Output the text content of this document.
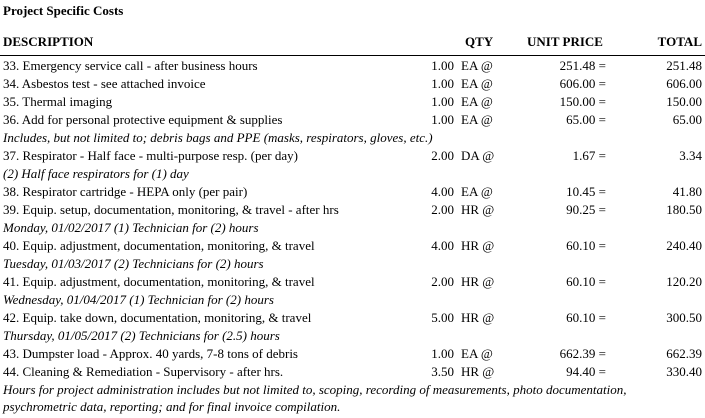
Project Specific Costs
DESCRIPTION	QTY	UNIT PRICE	TOTAL
33. Emergency service call - after business hours	1.00 EA @	251.48 =	251.48
34. Asbestos test - see attached invoice	1.00 EA @	606.00 =	606.00
35. Thermal imaging	1.00 EA @	150.00 =	150.00
36. Add for personal protective equipment & supplies	1.00 EA @	65.00 =	65.00
Includes, but not limited to; debris bags and PPE (masks, respirators, gloves, etc.)
37. Respirator - Half face - multi-purpose resp. (per day)	2.00 DA @	1.67 =	3.34
(2) Half face respirators for (1) day
38. Respirator cartridge - HEPA only (per pair)	4.00 EA @	10.45 =	41.80
39. Equip. setup, documentation, monitoring, & travel - after hrs	2.00 HR @	90.25 =	180.50
Monday, 01/02/2017 (1) Technician for (2) hours
40. Equip. adjustment, documentation, monitoring, & travel	4.00 HR @	60.10 =	240.40
Tuesday, 01/03/2017 (2) Technicians for (2) hours
41. Equip. adjustment, documentation, monitoring, & travel	2.00 HR @	60.10 =	120.20
Wednesday, 01/04/2017 (1) Technician for (2) hours
42. Equip. take down, documentation, monitoring, & travel	5.00 HR @	60.10 =	300.50
Thursday, 01/05/2017 (2) Technicians for (2.5) hours
43. Dumpster load - Approx. 40 yards, 7-8 tons of debris	1.00 EA @	662.39 =	662.39
44. Cleaning & Remediation - Supervisory - after hrs.	3.50 HR @	94.40 =	330.40
Hours for project administration includes but not limited to, scoping, recording of measurements, photo documentation, psychrometric data, reporting; and for final invoice compilation.
